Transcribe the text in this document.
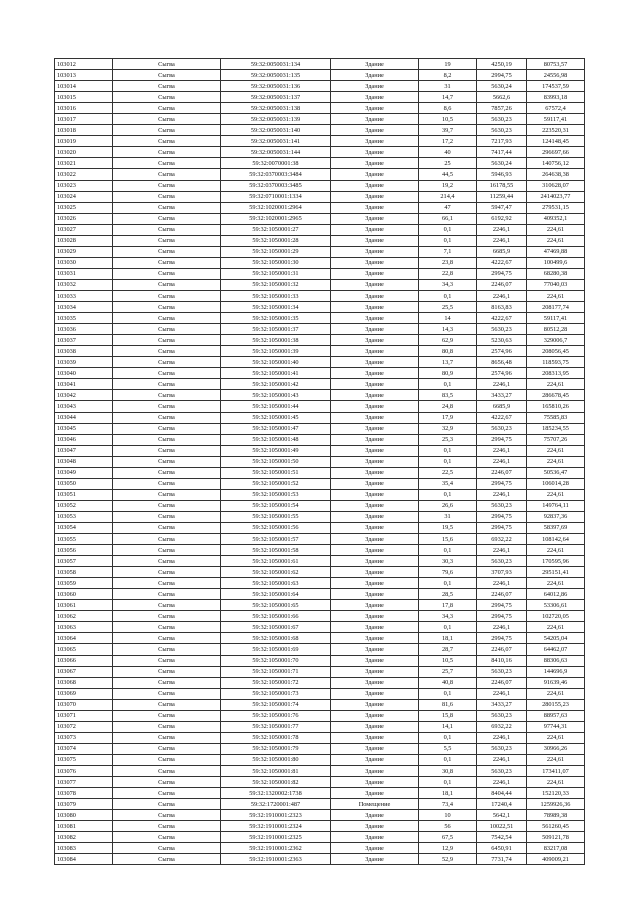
103012	Сыгва	59:32:0050031:134	Здание	19	4250,19	80753,57
103013	Сыгва	59:32:0050031:135	Здание	8,2	2994,75	24556,98
103014	Сыгва	59:32:0050031:136	Здание	31	5630,24	174537,59
103015	Сыгва	59:32:0050031:137	Здание	14,7	5662,6	83993,18
103016	Сыгва	59:32:0050031:138	Здание	8,6	7857,26	67572,4
103017	Сыгва	59:32:0050031:139	Здание	10,5	5630,23	59117,41
103018	Сыгва	59:32:0050031:140	Здание	39,7	5630,23	223520,31
103019	Сыгва	59:32:0050031:141	Здание	17,2	7217,93	124148,45
103020	Сыгва	59:32:0050031:144	Здание	40	7417,44	296697,66
103021	Сыгва	59:32:0070001:38	Здание	25	5630,24	140756,12
103022	Сыгва	59:32:0370003:3484	Здание	44,5	5946,93	264638,38
103023	Сыгва	59:32:0370003:3485	Здание	19,2	16178,55	310628,07
103024	Сыгва	59:32:0710001:1334	Здание	214,4	11259,44	2414023,77
103025	Сыгва	59:32:1020001:2964	Здание	47	5947,47	279531,15
103026	Сыгва	59:32:1020001:2965	Здание	66,1	6192,92	409352,1
103027	Сыгва	59:32:1050001:27	Здание	0,1	2246,1	224,61
103028	Сыгва	59:32:1050001:28	Здание	0,1	2246,1	224,61
103029	Сыгва	59:32:1050001:29	Здание	7,1	6685,9	47469,88
103030	Сыгва	59:32:1050001:30	Здание	23,8	4222,67	100499,6
103031	Сыгва	59:32:1050001:31	Здание	22,8	2994,75	68280,38
103032	Сыгва	59:32:1050001:32	Здание	34,3	2246,07	77040,03
103033	Сыгва	59:32:1050001:33	Здание	0,1	2246,1	224,61
103034	Сыгва	59:32:1050001:34	Здание	25,5	8163,83	208177,74
103035	Сыгва	59:32:1050001:35	Здание	14	4222,67	59117,41
103036	Сыгва	59:32:1050001:37	Здание	14,3	5630,23	80512,28
103037	Сыгва	59:32:1050001:38	Здание	62,9	5230,63	329006,7
103038	Сыгва	59:32:1050001:39	Здание	80,8	2574,96	208056,45
103039	Сыгва	59:32:1050001:40	Здание	13,7	8656,48	118593,75
103040	Сыгва	59:32:1050001:41	Здание	80,9	2574,96	208313,95
103041	Сыгва	59:32:1050001:42	Здание	0,1	2246,1	224,61
103042	Сыгва	59:32:1050001:43	Здание	83,5	3433,27	286678,45
103043	Сыгва	59:32:1050001:44	Здание	24,8	6685,9	165810,26
103044	Сыгва	59:32:1050001:45	Здание	17,9	4222,67	75585,83
103045	Сыгва	59:32:1050001:47	Здание	32,9	5630,23	185234,55
103046	Сыгва	59:32:1050001:48	Здание	25,3	2994,75	75707,26
103047	Сыгва	59:32:1050001:49	Здание	0,1	2246,1	224,61
103048	Сыгва	59:32:1050001:50	Здание	0,1	2246,1	224,61
103049	Сыгва	59:32:1050001:51	Здание	22,5	2246,07	50536,47
103050	Сыгва	59:32:1050001:52	Здание	35,4	2994,75	106014,28
103051	Сыгва	59:32:1050001:53	Здание	0,1	2246,1	224,61
103052	Сыгва	59:32:1050001:54	Здание	26,6	5630,23	149764,11
103053	Сыгва	59:32:1050001:55	Здание	31	2994,75	92837,36
103054	Сыгва	59:32:1050001:56	Здание	19,5	2994,75	58397,69
103055	Сыгва	59:32:1050001:57	Здание	15,6	6932,22	108142,64
103056	Сыгва	59:32:1050001:58	Здание	0,1	2246,1	224,61
103057	Сыгва	59:32:1050001:61	Здание	30,3	5630,23	170595,96
103058	Сыгва	59:32:1050001:62	Здание	79,6	3707,93	295151,41
103059	Сыгва	59:32:1050001:63	Здание	0,1	2246,1	224,61
103060	Сыгва	59:32:1050001:64	Здание	28,5	2246,07	64012,86
103061	Сыгва	59:32:1050001:65	Здание	17,8	2994,75	53306,61
103062	Сыгва	59:32:1050001:66	Здание	34,3	2994,75	102720,05
103063	Сыгва	59:32:1050001:67	Здание	0,1	2246,1	224,61
103064	Сыгва	59:32:1050001:68	Здание	18,1	2994,75	54205,04
103065	Сыгва	59:32:1050001:69	Здание	28,7	2246,07	64462,07
103066	Сыгва	59:32:1050001:70	Здание	10,5	8410,16	88306,63
103067	Сыгва	59:32:1050001:71	Здание	25,7	5630,23	144696,9
103068	Сыгва	59:32:1050001:72	Здание	40,8	2246,07	91639,46
103069	Сыгва	59:32:1050001:73	Здание	0,1	2246,1	224,61
103070	Сыгва	59:32:1050001:74	Здание	81,6	3433,27	280155,23
103071	Сыгва	59:32:1050001:76	Здание	15,8	5630,23	88957,63
103072	Сыгва	59:32:1050001:77	Здание	14,1	6932,22	97744,31
103073	Сыгва	59:32:1050001:78	Здание	0,1	2246,1	224,61
103074	Сыгва	59:32:1050001:79	Здание	5,5	5630,23	30966,26
103075	Сыгва	59:32:1050001:80	Здание	0,1	2246,1	224,61
103076	Сыгва	59:32:1050001:81	Здание	30,8	5630,23	173411,07
103077	Сыгва	59:32:1050001:82	Здание	0,1	2246,1	224,61
103078	Сыгва	59:32:1320002:1738	Здание	18,1	8404,44	152120,33
103079	Сыгва	59:32:1720001:487	Помещение	73,4	17240,4	1259926,36
103080	Сыгва	59:32:1910001:2323	Здание	10	5642,1	78989,38
103081	Сыгва	59:32:1910001:2324	Здание	56	10022,51	561260,45
103082	Сыгва	59:32:1910001:2325	Здание	67,5	7542,54	509121,78
103083	Сыгва	59:32:1910001:2362	Здание	12,9	6450,91	83217,08
103084	Сыгва	59:32:1910001:2363	Здание	52,9	7731,74	409009,21
